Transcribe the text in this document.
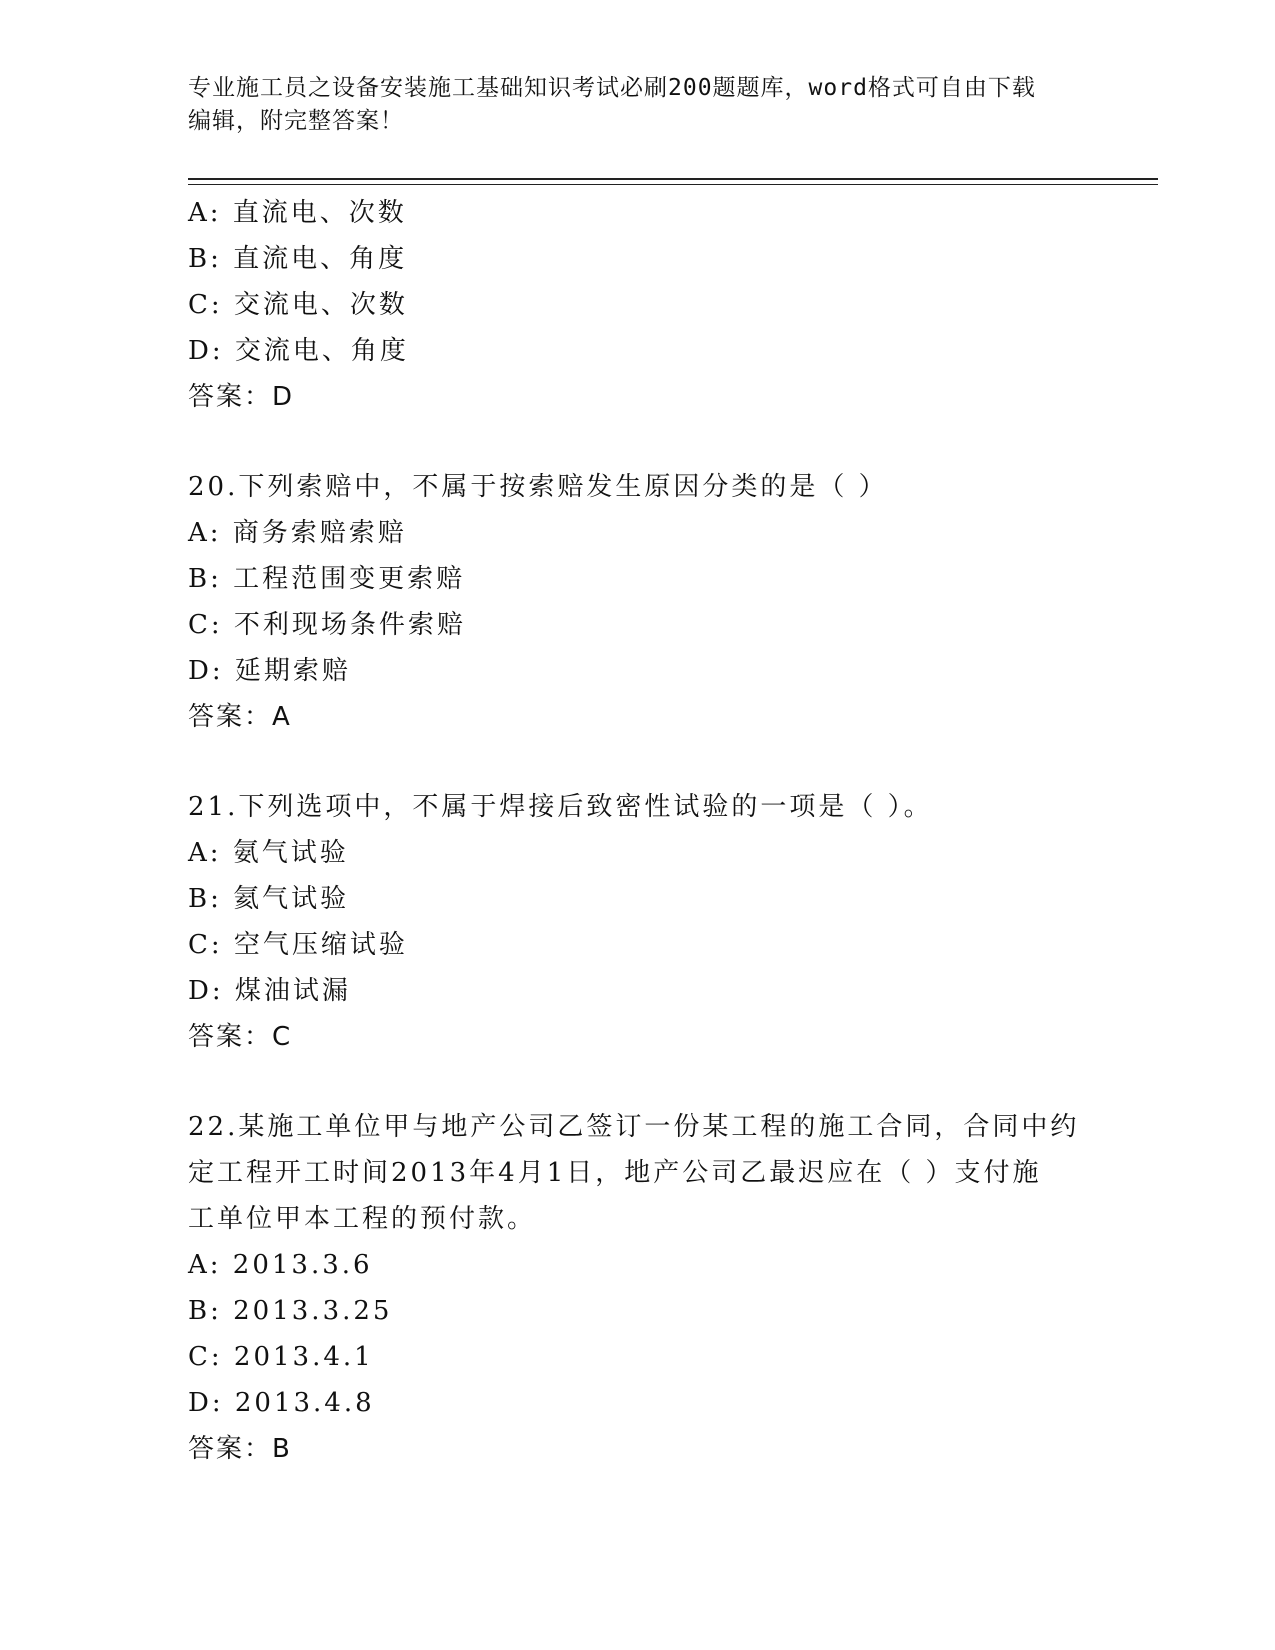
专业施工员之设备安装施工基础知识考试必刷200题题库，word格式可自由下载
编辑，附完整答案！
A: 直流电、次数
B: 直流电、角度
C: 交流电、次数
D: 交流电、角度
答案：D
20.下列索赔中，不属于按索赔发生原因分类的是（ ）
A: 商务索赔索赔
B: 工程范围变更索赔
C: 不利现场条件索赔
D: 延期索赔
答案：A
21.下列选项中，不属于焊接后致密性试验的一项是（ ）。
A: 氨气试验
B: 氦气试验
C: 空气压缩试验
D: 煤油试漏
答案：C
22.某施工单位甲与地产公司乙签订一份某工程的施工合同，合同中约
定工程开工时间2013年4月1日，地产公司乙最迟应在（ ）支付施
工单位甲本工程的预付款。
A: 2013.3.6
B: 2013.3.25
C: 2013.4.1
D: 2013.4.8
答案：B
